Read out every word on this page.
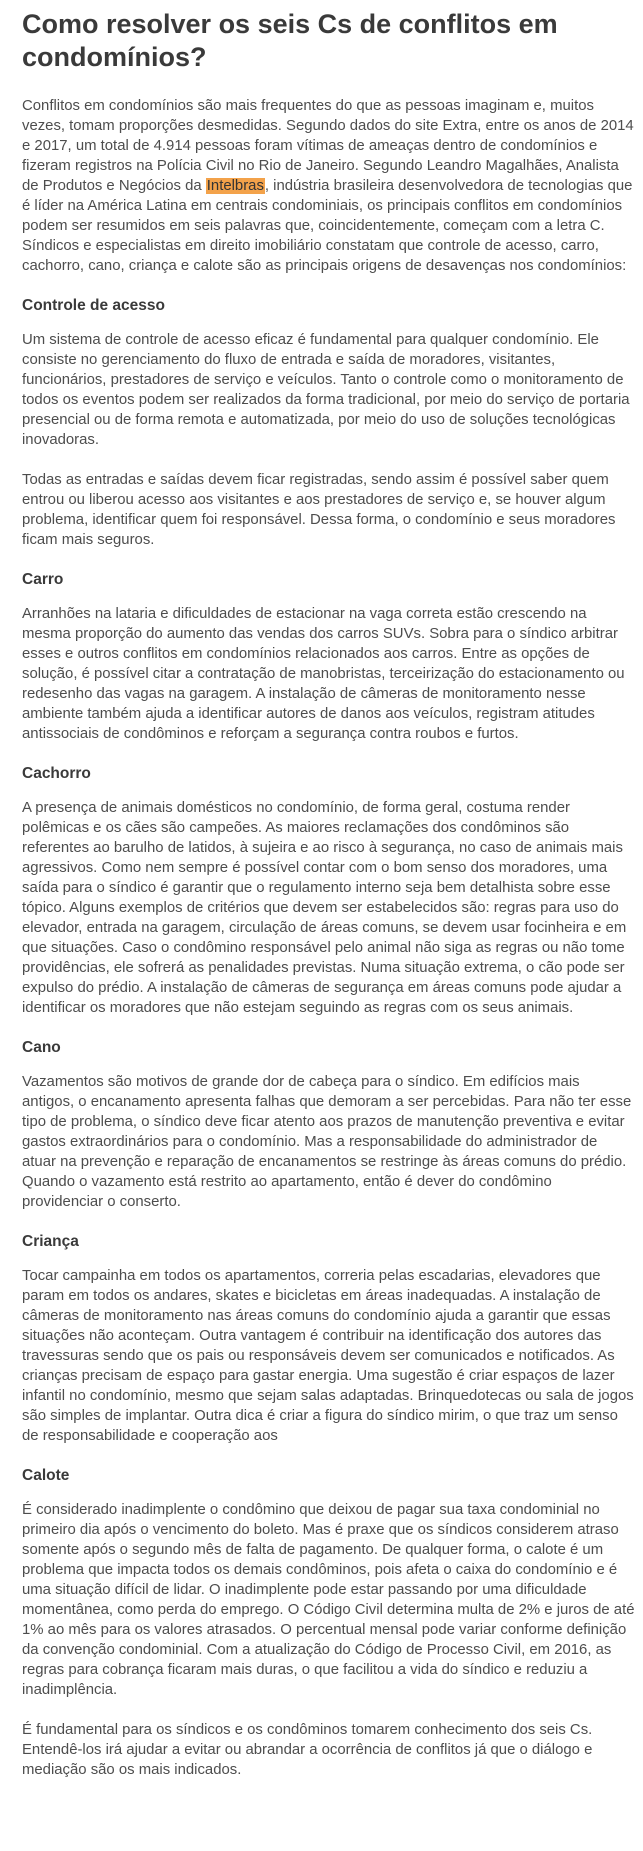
Como resolver os seis Cs de conflitos em condomínios?

Conflitos em condomínios são mais frequentes do que as pessoas imaginam e, muitos vezes, tomam proporções desmedidas. Segundo dados do site Extra, entre os anos de 2014 e 2017, um total de 4.914 pessoas foram vítimas de ameaças dentro de condomínios e fizeram registros na Polícia Civil no Rio de Janeiro. Segundo Leandro Magalhães, Analista de Produtos e Negócios da Intelbras, indústria brasileira desenvolvedora de tecnologias que é líder na América Latina em centrais condominiais, os principais conflitos em condomínios podem ser resumidos em seis palavras que, coincidentemente, começam com a letra C. Síndicos e especialistas em direito imobiliário constatam que controle de acesso, carro, cachorro, cano, criança e calote são as principais origens de desavenças nos condomínios:

Controle de acesso

Um sistema de controle de acesso eficaz é fundamental para qualquer condomínio. Ele consiste no gerenciamento do fluxo de entrada e saída de moradores, visitantes, funcionários, prestadores de serviço e veículos. Tanto o controle como o monitoramento de todos os eventos podem ser realizados da forma tradicional, por meio do serviço de portaria presencial ou de forma remota e automatizada, por meio do uso de soluções tecnológicas inovadoras.

Todas as entradas e saídas devem ficar registradas, sendo assim é possível saber quem entrou ou liberou acesso aos visitantes e aos prestadores de serviço e, se houver algum problema, identificar quem foi responsável. Dessa forma, o condomínio e seus moradores ficam mais seguros.

Carro

Arranhões na lataria e dificuldades de estacionar na vaga correta estão crescendo na mesma proporção do aumento das vendas dos carros SUVs. Sobra para o síndico arbitrar esses e outros conflitos em condomínios relacionados aos carros. Entre as opções de solução, é possível citar a contratação de manobristas, terceirização do estacionamento ou redesenho das vagas na garagem. A instalação de câmeras de monitoramento nesse ambiente também ajuda a identificar autores de danos aos veículos, registram atitudes antissociais de condôminos e reforçam a segurança contra roubos e furtos.

Cachorro

A presença de animais domésticos no condomínio, de forma geral, costuma render polêmicas e os cães são campeões. As maiores reclamações dos condôminos são referentes ao barulho de latidos, à sujeira e ao risco à segurança, no caso de animais mais agressivos. Como nem sempre é possível contar com o bom senso dos moradores, uma saída para o síndico é garantir que o regulamento interno seja bem detalhista sobre esse tópico. Alguns exemplos de critérios que devem ser estabelecidos são: regras para uso do elevador, entrada na garagem, circulação de áreas comuns, se devem usar focinheira e em que situações. Caso o condômino responsável pelo animal não siga as regras ou não tome providências, ele sofrerá as penalidades previstas. Numa situação extrema, o cão pode ser expulso do prédio. A instalação de câmeras de segurança em áreas comuns pode ajudar a identificar os moradores que não estejam seguindo as regras com os seus animais.

Cano

Vazamentos são motivos de grande dor de cabeça para o síndico. Em edifícios mais antigos, o encanamento apresenta falhas que demoram a ser percebidas. Para não ter esse tipo de problema, o síndico deve ficar atento aos prazos de manutenção preventiva e evitar gastos extraordinários para o condomínio. Mas a responsabilidade do administrador de atuar na prevenção e reparação de encanamentos se restringe às áreas comuns do prédio. Quando o vazamento está restrito ao apartamento, então é dever do condômino providenciar o conserto.

Criança

Tocar campainha em todos os apartamentos, correria pelas escadarias, elevadores que param em todos os andares, skates e bicicletas em áreas inadequadas. A instalação de câmeras de monitoramento nas áreas comuns do condomínio ajuda a garantir que essas situações não aconteçam. Outra vantagem é contribuir na identificação dos autores das travessuras sendo que os pais ou responsáveis devem ser comunicados e notificados. As crianças precisam de espaço para gastar energia. Uma sugestão é criar espaços de lazer infantil no condomínio, mesmo que sejam salas adaptadas. Brinquedotecas ou sala de jogos são simples de implantar. Outra dica é criar a figura do síndico mirim, o que traz um senso de responsabilidade e cooperação aos

Calote

É considerado inadimplente o condômino que deixou de pagar sua taxa condominial no primeiro dia após o vencimento do boleto. Mas é praxe que os síndicos considerem atraso somente após o segundo mês de falta de pagamento. De qualquer forma, o calote é um problema que impacta todos os demais condôminos, pois afeta o caixa do condomínio e é uma situação difícil de lidar. O inadimplente pode estar passando por uma dificuldade momentânea, como perda do emprego. O Código Civil determina multa de 2% e juros de até 1% ao mês para os valores atrasados. O percentual mensal pode variar conforme definição da convenção condominial. Com a atualização do Código de Processo Civil, em 2016, as regras para cobrança ficaram mais duras, o que facilitou a vida do síndico e reduziu a inadimplência.

É fundamental para os síndicos e os condôminos tomarem conhecimento dos seis Cs. Entendê-los irá ajudar a evitar ou abrandar a ocorrência de conflitos já que o diálogo e mediação são os mais indicados.
